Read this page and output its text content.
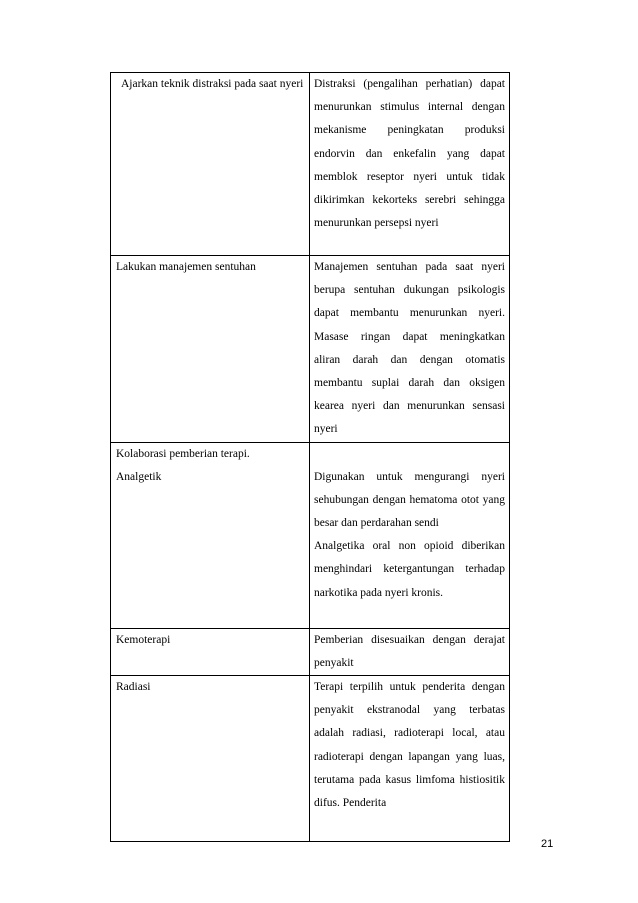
Ajarkan teknik distraksi pada saat nyeri	Distraksi (pengalihan perhatian) dapat menurunkan stimulus internal dengan mekanisme peningkatan produksi endorvin dan enkefalin yang dapat memblok reseptor nyeri untuk tidak dikirimkan kekorteks serebri sehingga menurunkan persepsi nyeri
Lakukan manajemen sentuhan	Manajemen sentuhan pada saat nyeri berupa sentuhan dukungan psikologis dapat membantu menurunkan nyeri. Masase ringan dapat meningkatkan aliran darah dan dengan otomatis membantu suplai darah dan oksigen kearea nyeri dan menurunkan sensasi nyeri

Kolaborasi pemberian terapi.
Analgetik	Digunakan untuk mengurangi nyeri sehubungan dengan hematoma otot yang besar dan perdarahan sendi
Analgetika oral non opioid diberikan menghindari ketergantungan terhadap narkotika pada nyeri kronis.

Kemoterapi	Pemberian disesuaikan dengan derajat penyakit
Radiasi	Terapi terpilih untuk penderita dengan penyakit ekstranodal yang terbatas adalah radiasi, radioterapi local, atau radioterapi dengan lapangan yang luas, terutama pada kasus limfoma histiositik difus. Penderita
21
